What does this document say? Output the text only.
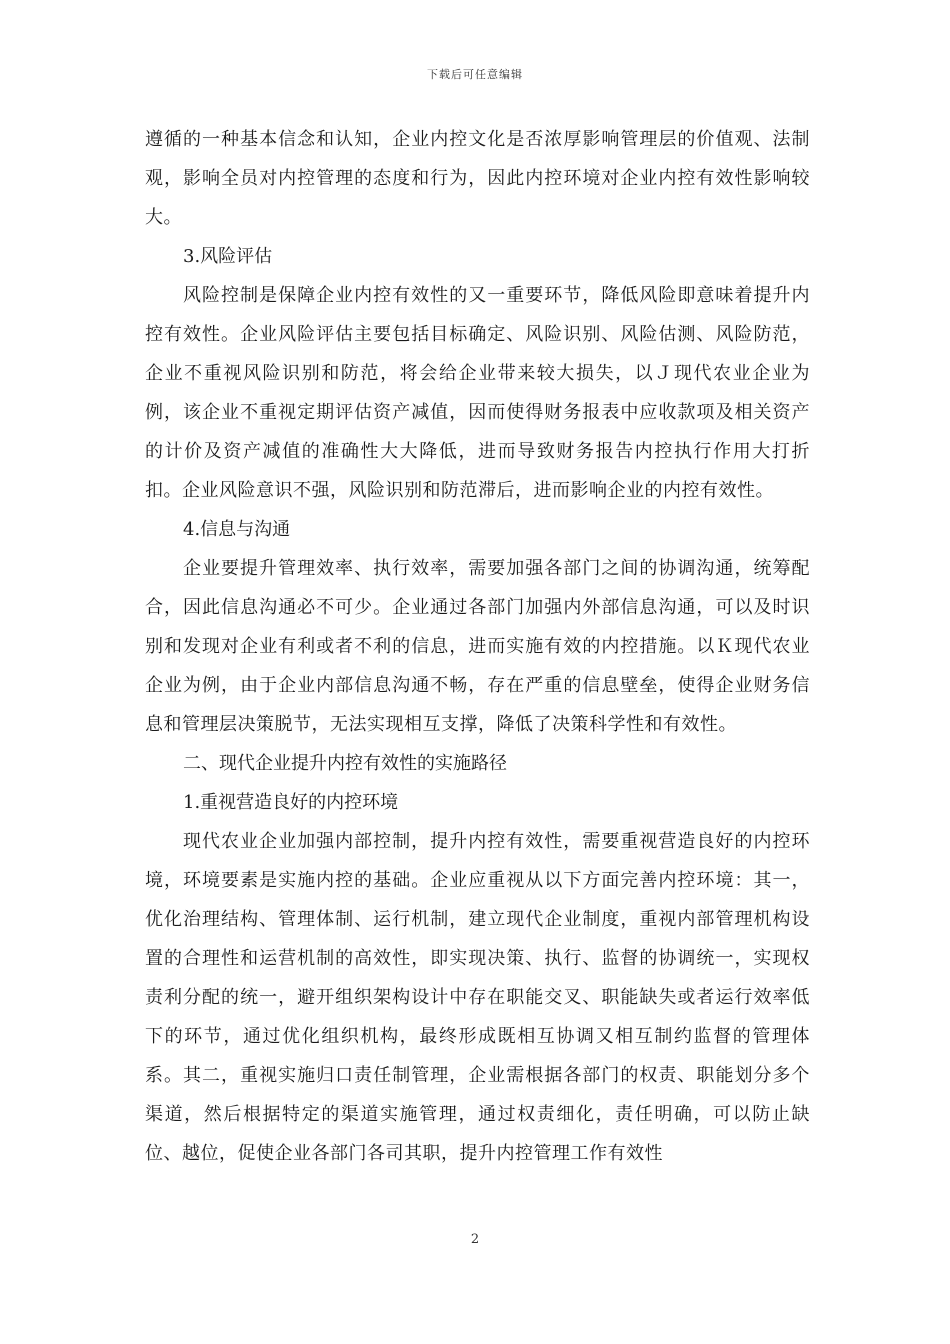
下载后可任意编辑

遵循的一种基本信念和认知，企业内控文化是否浓厚影响管理层的价值观、法制观，影响全员对内控管理的态度和行为，因此内控环境对企业内控有效性影响较大。

3.风险评估

风险控制是保障企业内控有效性的又一重要环节，降低风险即意味着提升内控有效性。企业风险评估主要包括目标确定、风险识别、风险估测、风险防范，企业不重视风险识别和防范，将会给企业带来较大损失，以Ｊ现代农业企业为例，该企业不重视定期评估资产减值，因而使得财务报表中应收款项及相关资产的计价及资产减值的准确性大大降低，进而导致财务报告内控执行作用大打折扣。企业风险意识不强，风险识别和防范滞后，进而影响企业的内控有效性。

4.信息与沟通

企业要提升管理效率、执行效率，需要加强各部门之间的协调沟通，统筹配合，因此信息沟通必不可少。企业通过各部门加强内外部信息沟通，可以及时识别和发现对企业有利或者不利的信息，进而实施有效的内控措施。以Ｋ现代农业企业为例，由于企业内部信息沟通不畅，存在严重的信息壁垒，使得企业财务信息和管理层决策脱节，无法实现相互支撑，降低了决策科学性和有效性。

二、现代企业提升内控有效性的实施路径

1.重视营造良好的内控环境

现代农业企业加强内部控制，提升内控有效性，需要重视营造良好的内控环境，环境要素是实施内控的基础。企业应重视从以下方面完善内控环境：其一，优化治理结构、管理体制、运行机制，建立现代企业制度，重视内部管理机构设置的合理性和运营机制的高效性，即实现决策、执行、监督的协调统一，实现权责利分配的统一，避开组织架构设计中存在职能交叉、职能缺失或者运行效率低下的环节，通过优化组织机构，最终形成既相互协调又相互制约监督的管理体系。其二，重视实施归口责任制管理，企业需根据各部门的权责、职能划分多个渠道，然后根据特定的渠道实施管理，通过权责细化，责任明确，可以防止缺位、越位，促使企业各部门各司其职，提升内控管理工作有效性

2
